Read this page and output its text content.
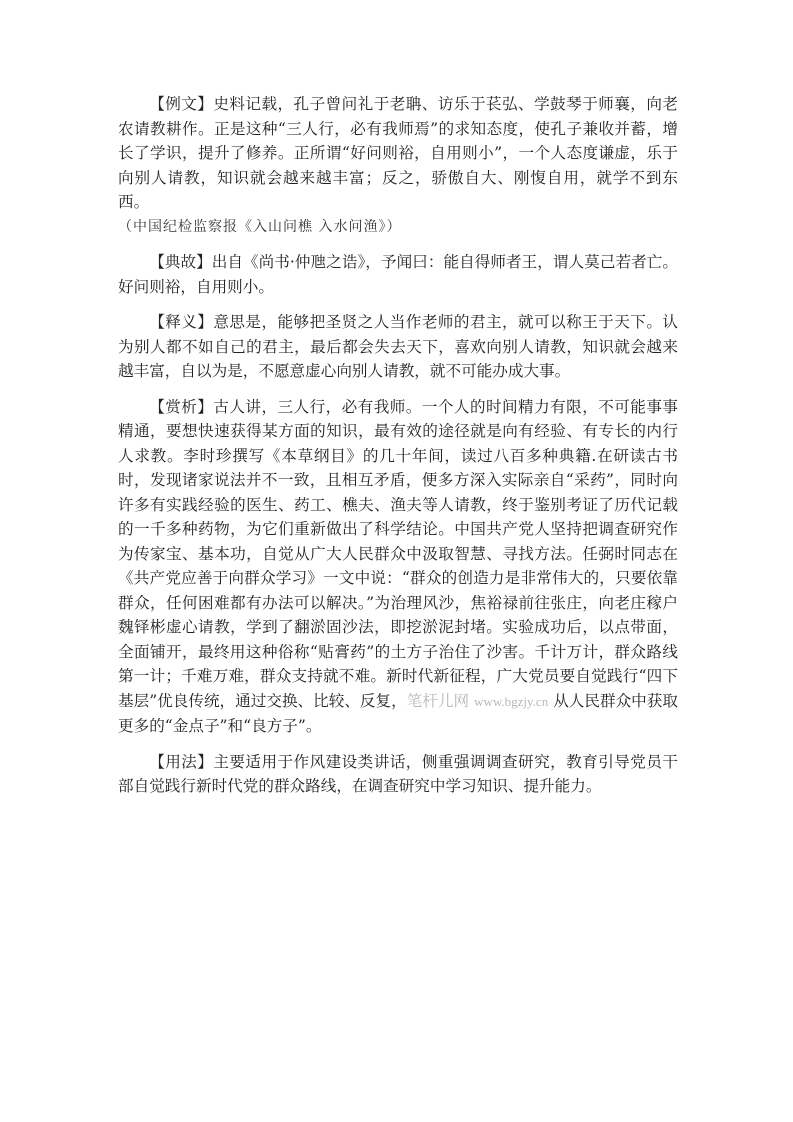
【例文】史料记载，孔子曾问礼于老聃、访乐于苌弘、学鼓琴于师襄，向老农请教耕作。正是这种“三人行，必有我师焉”的求知态度，使孔子兼收并蓄，增长了学识，提升了修养。正所谓“好问则裕，自用则小”，一个人态度谦虚，乐于向别人请教，知识就会越来越丰富；反之，骄傲自大、刚愎自用，就学不到东西。
（中国纪检监察报《入山问樵 入水问渔》）

【典故】出自《尚书·仲虺之诰》，予闻曰：能自得师者王，谓人莫己若者亡。好问则裕，自用则小。

【释义】意思是，能够把圣贤之人当作老师的君主，就可以称王于天下。认为别人都不如自己的君主，最后都会失去天下，喜欢向别人请教，知识就会越来越丰富，自以为是，不愿意虚心向别人请教，就不可能办成大事。

【赏析】古人讲，三人行，必有我师。一个人的时间精力有限，不可能事事精通，要想快速获得某方面的知识，最有效的途径就是向有经验、有专长的内行人求教。李时珍撰写《本草纲目》的几十年间，读过八百多种典籍.在研读古书时，发现诸家说法并不一致，且相互矛盾，便多方深入实际亲自“采药”，同时向许多有实践经验的医生、药工、樵夫、渔夫等人请教，终于鉴别考证了历代记载的一千多种药物，为它们重新做出了科学结论。中国共产党人坚持把调查研究作为传家宝、基本功，自觉从广大人民群众中汲取智慧、寻找方法。任弼时同志在《共产党应善于向群众学习》一文中说：“群众的创造力是非常伟大的，只要依靠群众，任何困难都有办法可以解决。”为治理风沙，焦裕禄前往张庄，向老庄稼户魏铎彬虚心请教，学到了翻淤固沙法，即挖淤泥封堵。实验成功后，以点带面，全面铺开，最终用这种俗称“贴膏药”的土方子治住了沙害。千计万计，群众路线第一计；千难万难，群众支持就不难。新时代新征程，广大党员要自觉践行“四下基层”优良传统，通过交换、比较、反复，笔杆儿网 www.bgzjy.cn 从人民群众中获取更多的“金点子”和“良方子”。

【用法】主要适用于作风建设类讲话，侧重强调调查研究，教育引导党员干部自觉践行新时代党的群众路线，在调查研究中学习知识、提升能力。
